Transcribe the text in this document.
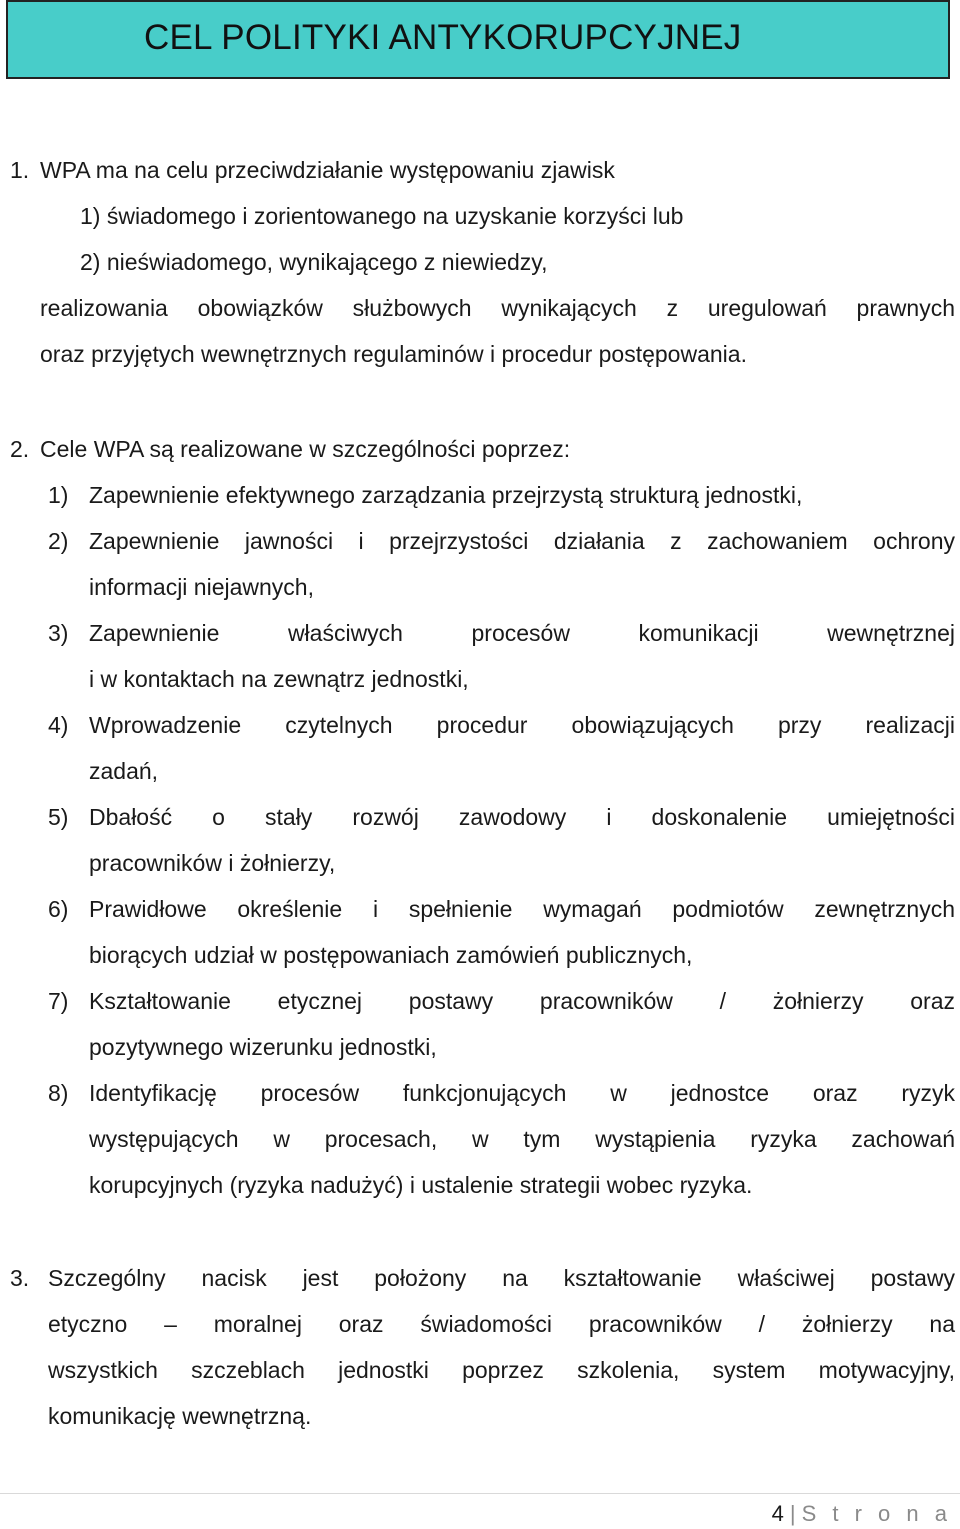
CEL POLITYKI ANTYKORUPCYJNEJ
1. WPA ma na celu przeciwdziałanie występowaniu zjawisk
1) świadomego i zorientowanego na uzyskanie korzyści lub
2) nieświadomego, wynikającego z niewiedzy,
realizowania obowiązków służbowych wynikających z uregulowań prawnych
oraz przyjętych wewnętrznych regulaminów i procedur postępowania.
2. Cele WPA są realizowane w szczególności poprzez:
1) Zapewnienie efektywnego zarządzania przejrzystą strukturą jednostki,
2) Zapewnienie jawności i przejrzystości działania z zachowaniem ochrony
informacji niejawnych,
3) Zapewnienie właściwych procesów komunikacji wewnętrznej
i w kontaktach na zewnątrz jednostki,
4) Wprowadzenie czytelnych procedur obowiązujących przy realizacji
zadań,
5) Dbałość o stały rozwój zawodowy i doskonalenie umiejętności
pracowników i żołnierzy,
6) Prawidłowe określenie i spełnienie wymagań podmiotów zewnętrznych
biorących udział w postępowaniach zamówień publicznych,
7) Kształtowanie etycznej postawy pracowników / żołnierzy oraz
pozytywnego wizerunku jednostki,
8) Identyfikację procesów funkcjonujących w jednostce oraz ryzyk
występujących w procesach, w tym wystąpienia ryzyka zachowań
korupcyjnych (ryzyka nadużyć) i ustalenie strategii wobec ryzyka.
3. Szczególny nacisk jest położony na kształtowanie właściwej postawy
etyczno – moralnej oraz świadomości pracowników / żołnierzy na
wszystkich szczeblach jednostki poprzez szkolenia, system motywacyjny,
komunikację wewnętrzną.
4 | S t r o n a
